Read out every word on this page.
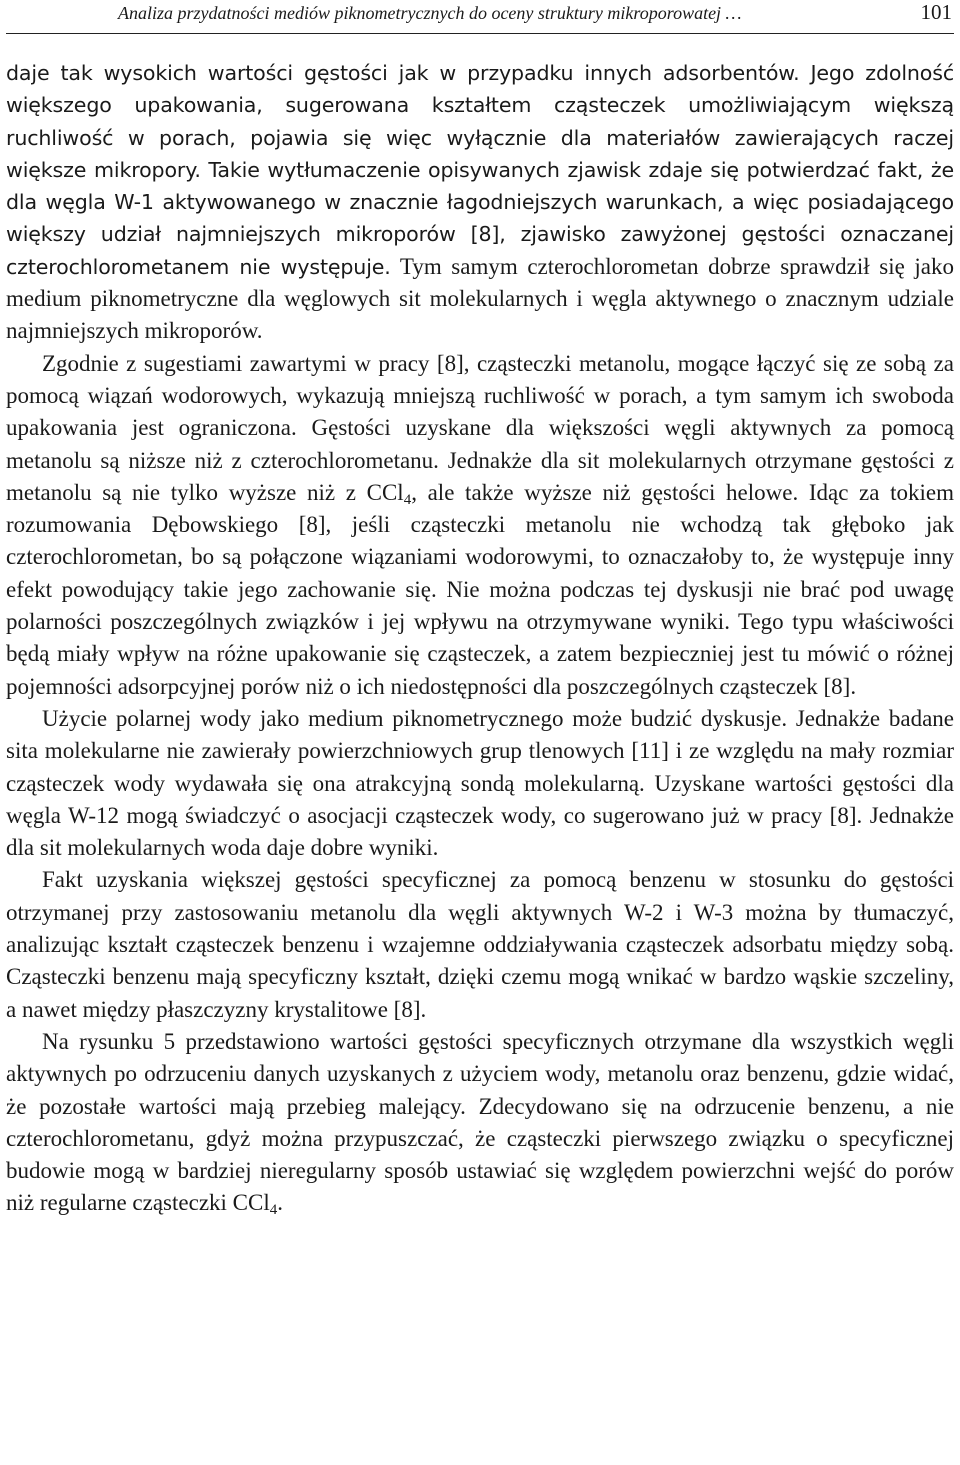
Analiza przydatności mediów piknometrycznych do oceny struktury mikroporowatej …	101

daje tak wysokich wartości gęstości jak w przypadku innych adsorbentów. Jego zdolność większego upakowania, sugerowana kształtem cząsteczek umożliwiającym większą ruchliwość w porach, pojawia się więc wyłącznie dla materiałów zawierających raczej większe mikropory. Takie wytłumaczenie opisywanych zjawisk zdaje się potwierdzać fakt, że dla węgla W-1 aktywowanego w znacznie łagodniejszych warunkach, a więc posiadającego większy udział najmniejszych mikroporów [8], zjawisko zawyżonej gęstości oznaczanej czterochlorometanem nie występuje. Tym samym czterochlorometan dobrze sprawdził się jako medium piknometryczne dla węglowych sit molekularnych i węgla aktywnego o znacznym udziale najmniejszych mikroporów.

Zgodnie z sugestiami zawartymi w pracy [8], cząsteczki metanolu, mogące łączyć się ze sobą za pomocą wiązań wodorowych, wykazują mniejszą ruchliwość w porach, a tym samym ich swoboda upakowania jest ograniczona. Gęstości uzyskane dla większości węgli aktywnych za pomocą metanolu są niższe niż z czterochlorometanu. Jednakże dla sit molekularnych otrzymane gęstości z metanolu są nie tylko wyższe niż z CCl$_4$, ale także wyższe niż gęstości helowe. Idąc za tokiem rozumowania Dębowskiego [8], jeśli cząsteczki metanolu nie wchodzą tak głęboko jak czterochlorometan, bo są połączone wiązaniami wodorowymi, to oznaczałoby to, że występuje inny efekt powodujący takie jego zachowanie się. Nie można podczas tej dyskusji nie brać pod uwagę polarności poszczególnych związków i jej wpływu na otrzymywane wyniki. Tego typu właściwości będą miały wpływ na różne upakowanie się cząsteczek, a zatem bezpieczniej jest tu mówić o różnej pojemności adsorpcyjnej porów niż o ich niedostępności dla poszczególnych cząsteczek [8].

Użycie polarnej wody jako medium piknometrycznego może budzić dyskusje. Jednakże badane sita molekularne nie zawierały powierzchniowych grup tlenowych [11] i ze względu na mały rozmiar cząsteczek wody wydawała się ona atrakcyjną sondą molekularną. Uzyskane wartości gęstości dla węgla W-12 mogą świadczyć o asocjacji cząsteczek wody, co sugerowano już w pracy [8]. Jednakże dla sit molekularnych woda daje dobre wyniki.

Fakt uzyskania większej gęstości specyficznej za pomocą benzenu w stosunku do gęstości otrzymanej przy zastosowaniu metanolu dla węgli aktywnych W-2 i W-3 można by tłumaczyć, analizując kształt cząsteczek benzenu i wzajemne oddziaływania cząsteczek adsorbatu między sobą. Cząsteczki benzenu mają specyficzny kształt, dzięki czemu mogą wnikać w bardzo wąskie szczeliny, a nawet między płaszczyzny krystalitowe [8].

Na rysunku 5 przedstawiono wartości gęstości specyficznych otrzymane dla wszystkich węgli aktywnych po odrzuceniu danych uzyskanych z użyciem wody, metanolu oraz benzenu, gdzie widać, że pozostałe wartości mają przebieg malejący. Zdecydowano się na odrzucenie benzenu, a nie czterochlorometanu, gdyż można przypuszczać, że cząsteczki pierwszego związku o specyficznej budowie mogą w bardziej nieregularny sposób ustawiać się względem powierzchni wejść do porów niż regularne cząsteczki CCl$_4$.
